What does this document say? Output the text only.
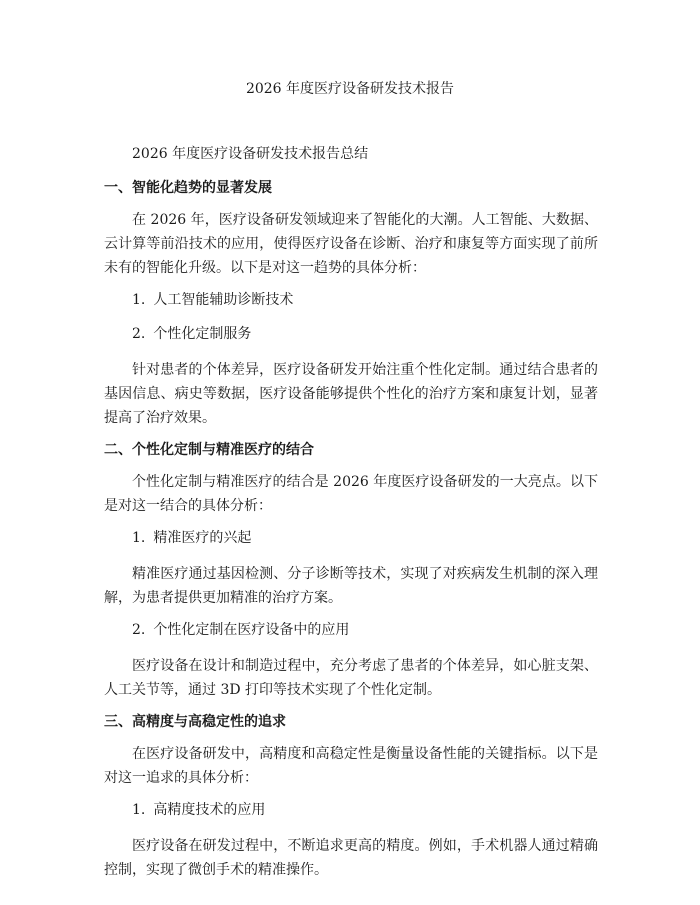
2026 年度医疗设备研发技术报告

2026 年度医疗设备研发技术报告总结

一、智能化趋势的显著发展

在 2026 年，医疗设备研发领域迎来了智能化的大潮。人工智能、大数据、云计算等前沿技术的应用，使得医疗设备在诊断、治疗和康复等方面实现了前所未有的智能化升级。以下是对这一趋势的具体分析：

1. 人工智能辅助诊断技术

2. 个性化定制服务

针对患者的个体差异，医疗设备研发开始注重个性化定制。通过结合患者的基因信息、病史等数据，医疗设备能够提供个性化的治疗方案和康复计划，显著提高了治疗效果。

二、个性化定制与精准医疗的结合

个性化定制与精准医疗的结合是 2026 年度医疗设备研发的一大亮点。以下是对这一结合的具体分析：

1. 精准医疗的兴起

精准医疗通过基因检测、分子诊断等技术，实现了对疾病发生机制的深入理解，为患者提供更加精准的治疗方案。

2. 个性化定制在医疗设备中的应用

医疗设备在设计和制造过程中，充分考虑了患者的个体差异，如心脏支架、人工关节等，通过 3D 打印等技术实现了个性化定制。

三、高精度与高稳定性的追求

在医疗设备研发中，高精度和高稳定性是衡量设备性能的关键指标。以下是对这一追求的具体分析：

1. 高精度技术的应用

医疗设备在研发过程中，不断追求更高的精度。例如，手术机器人通过精确控制，实现了微创手术的精准操作。
